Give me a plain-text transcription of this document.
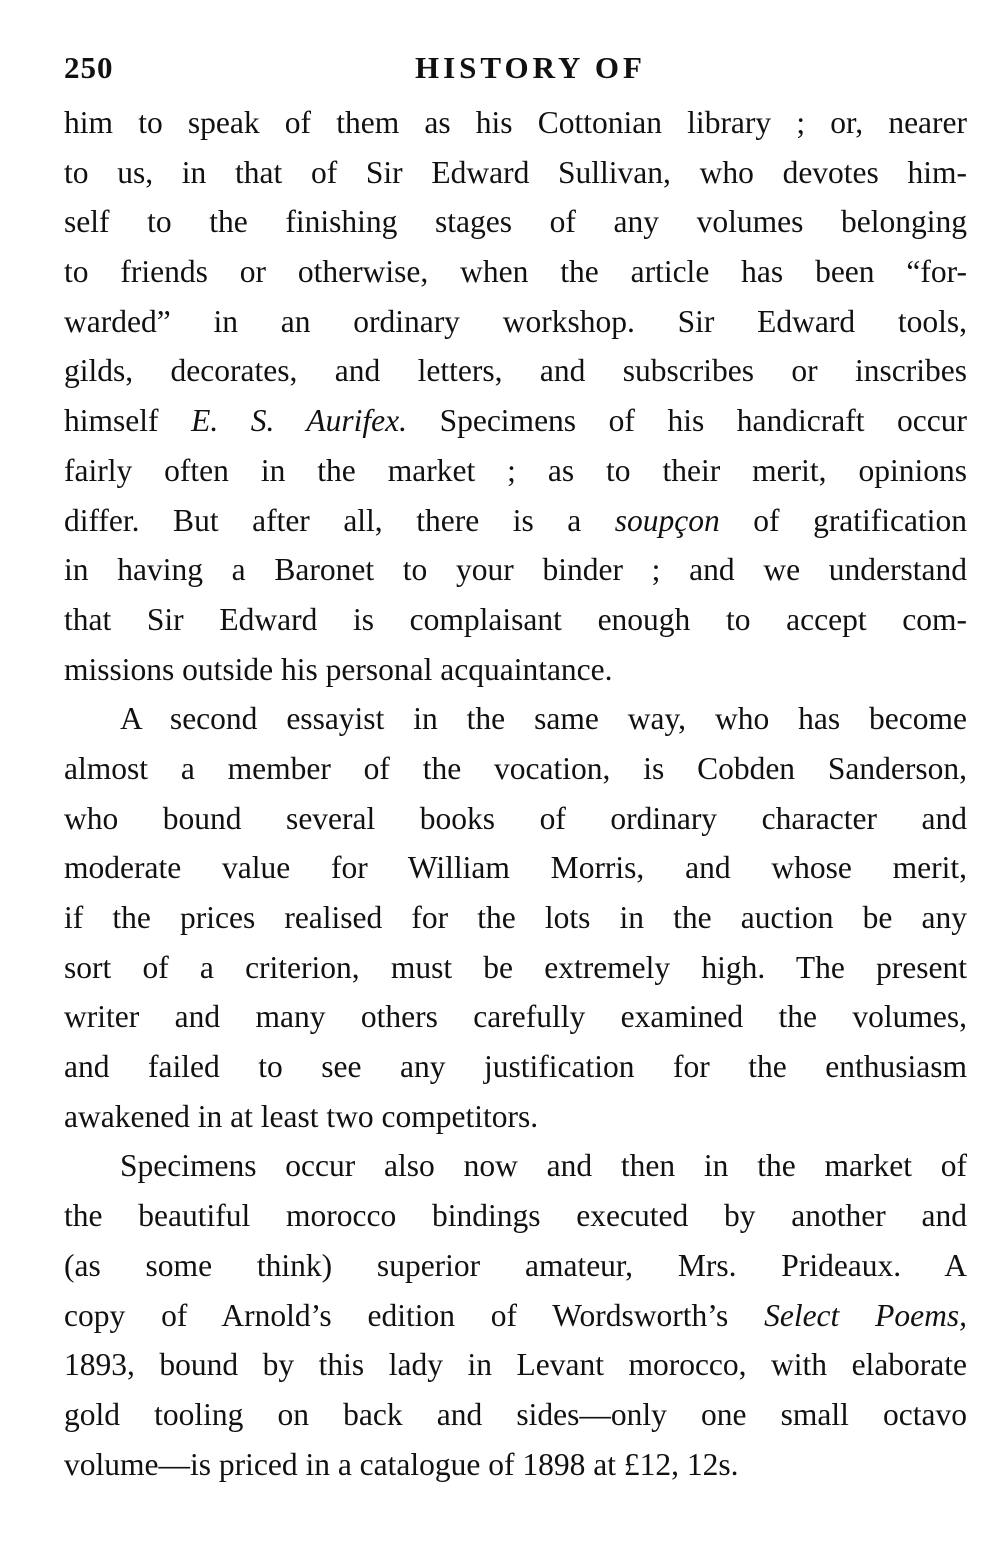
250	HISTORY OF
him to speak of them as his Cottonian library ; or, nearer
to us, in that of Sir Edward Sullivan, who devotes him-
self to the finishing stages of any volumes belonging
to friends or otherwise, when the article has been “for-
warded” in an ordinary workshop. Sir Edward tools,
gilds, decorates, and letters, and subscribes or inscribes
himself E. S. Aurifex. Specimens of his handicraft occur
fairly often in the market ; as to their merit, opinions
differ. But after all, there is a soupçon of gratification
in having a Baronet to your binder ; and we understand
that Sir Edward is complaisant enough to accept com-
missions outside his personal acquaintance.
A second essayist in the same way, who has become
almost a member of the vocation, is Cobden Sanderson,
who bound several books of ordinary character and
moderate value for William Morris, and whose merit,
if the prices realised for the lots in the auction be any
sort of a criterion, must be extremely high. The present
writer and many others carefully examined the volumes,
and failed to see any justification for the enthusiasm
awakened in at least two competitors.
Specimens occur also now and then in the market of
the beautiful morocco bindings executed by another and
(as some think) superior amateur, Mrs. Prideaux. A
copy of Arnold’s edition of Wordsworth’s Select Poems,
1893, bound by this lady in Levant morocco, with elaborate
gold tooling on back and sides—only one small octavo
volume—is priced in a catalogue of 1898 at £12, 12s.
